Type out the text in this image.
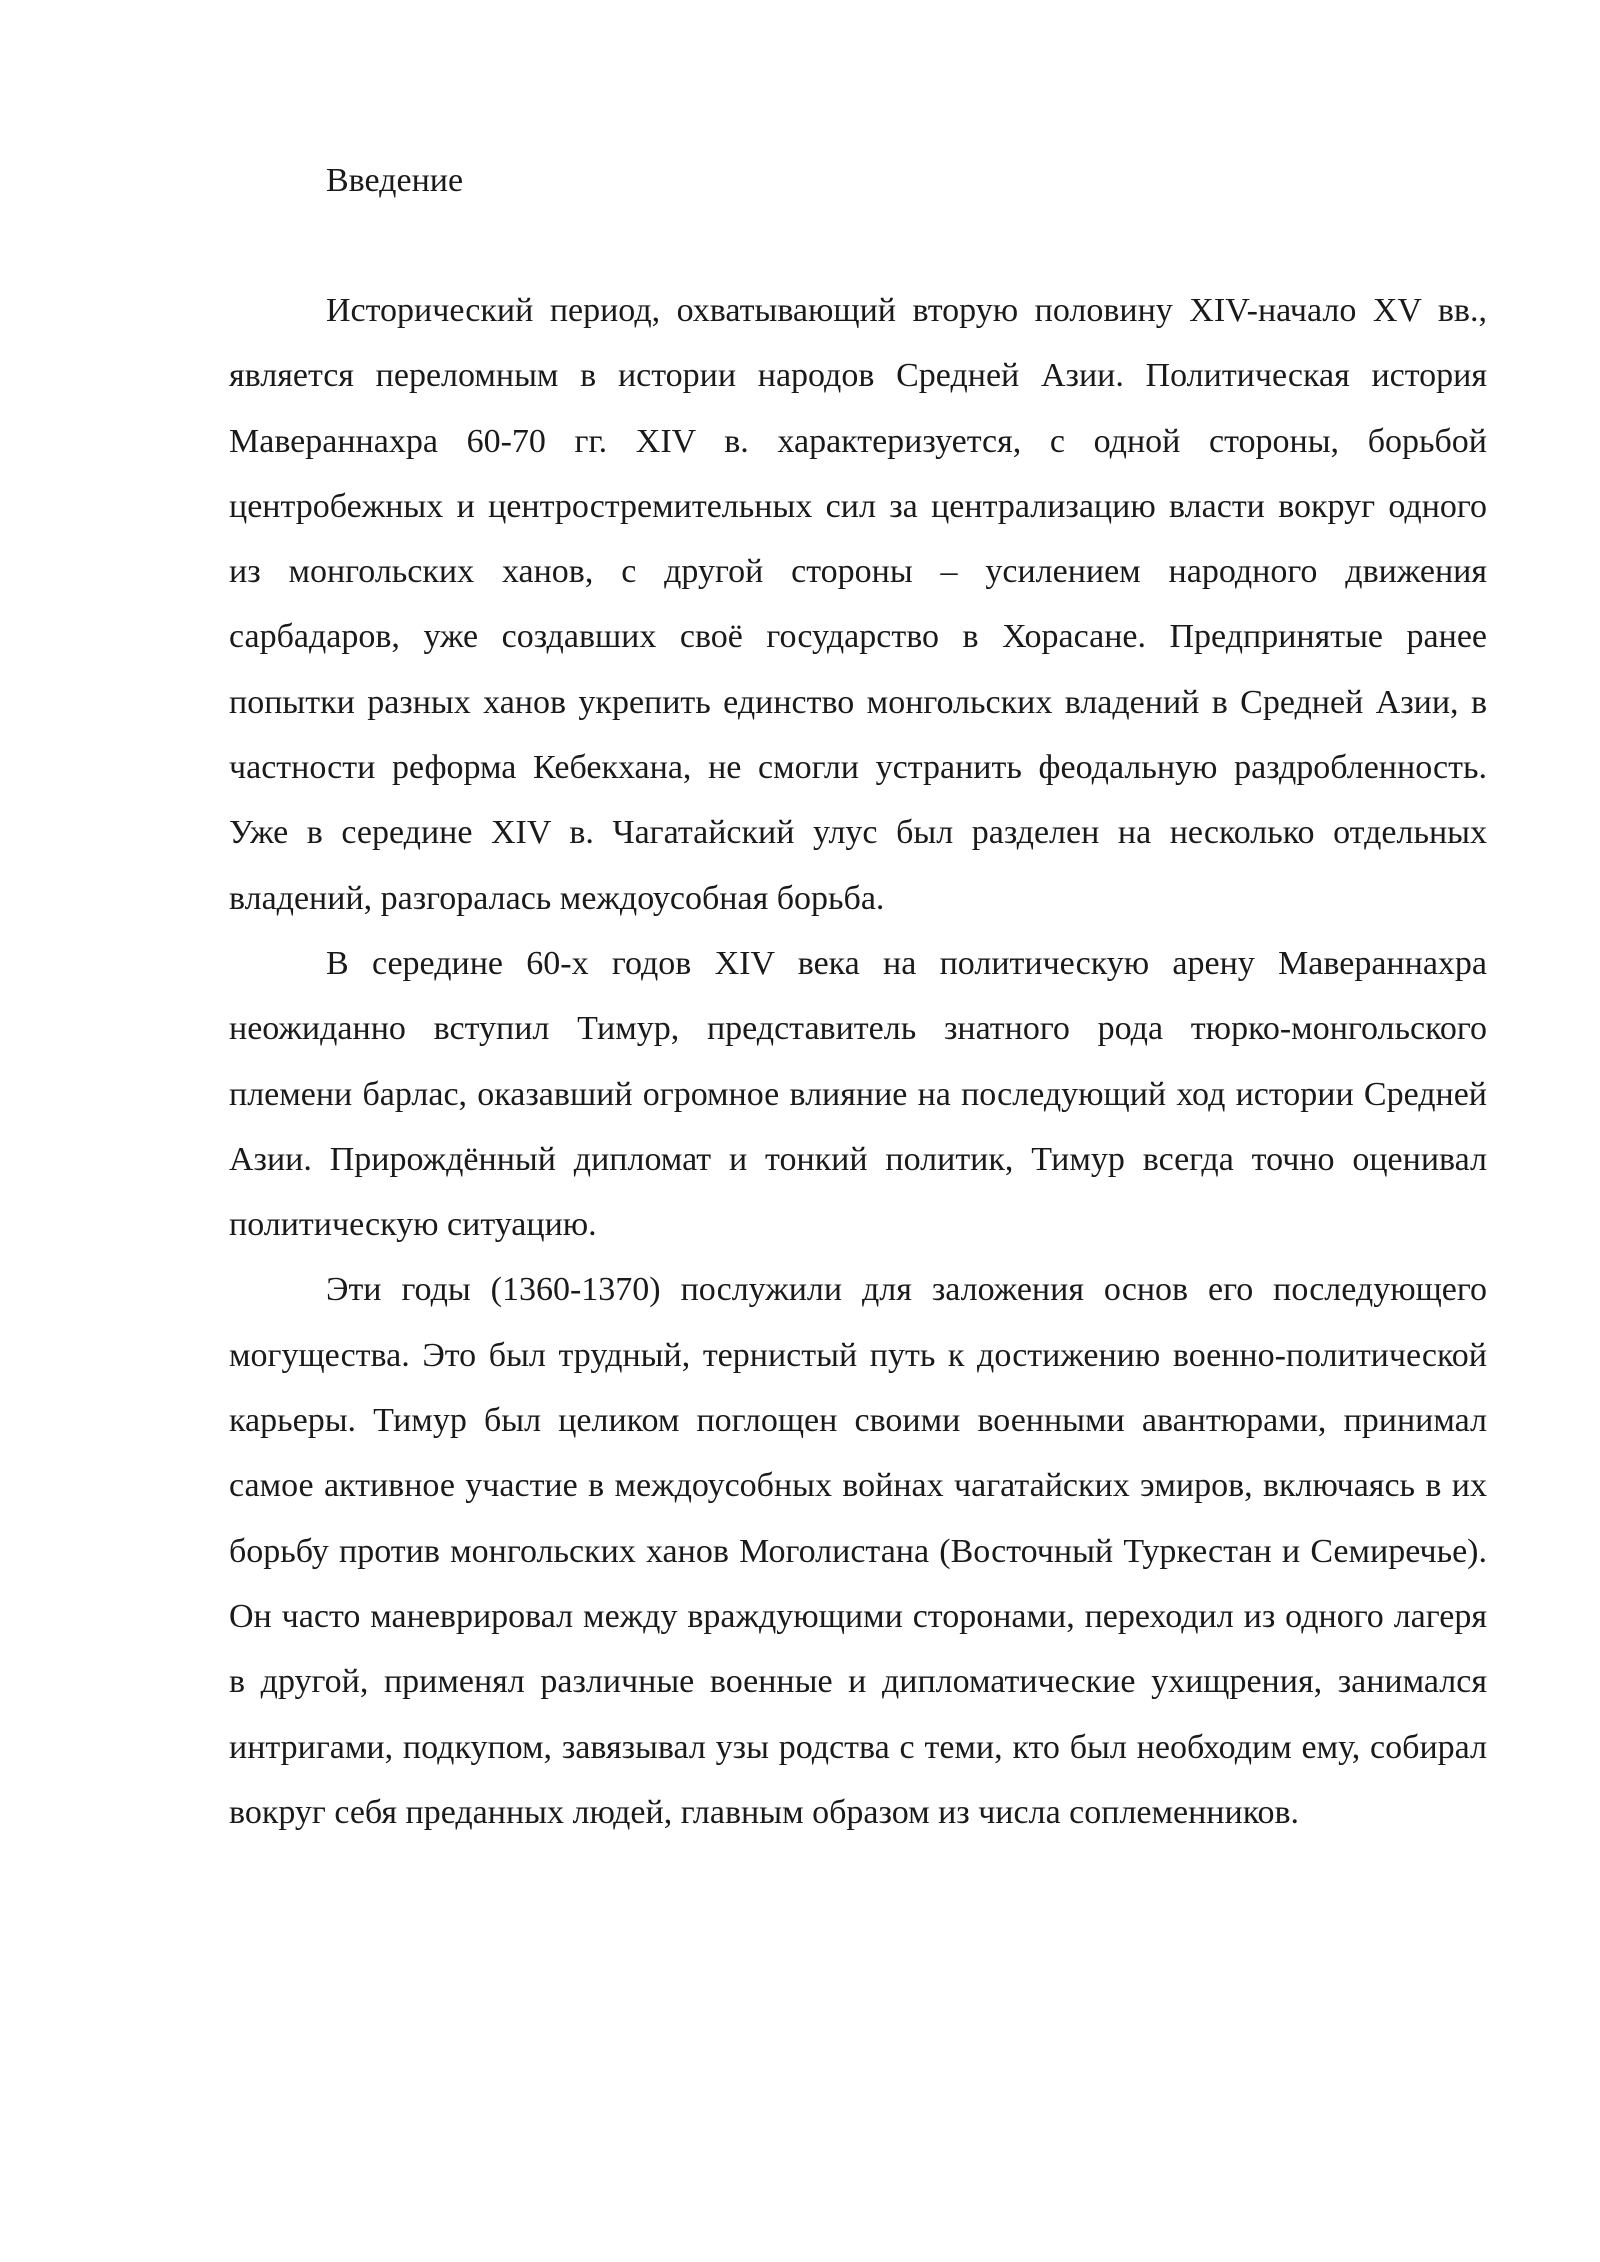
Введение

Исторический период, охватывающий вторую половину XIV-начало XV вв., является переломным в истории народов Средней Азии. Политическая история Мавераннахра 60-70 гг. XIV в. характеризуется, с одной стороны, борьбой центробежных и центростремительных сил за централизацию власти вокруг одного из монгольских ханов, с другой стороны – усилением народного движения сарбадаров, уже создавших своё государство в Хорасане. Предпринятые ранее попытки разных ханов укрепить единство монгольских владений в Средней Азии, в частности реформа Кебекхана, не смогли устранить феодальную раздробленность. Уже в середине XIV в. Чагатайский улус был разделен на несколько отдельных владений, разгоралась междоусобная борьба.

В середине 60-х годов XIV века на политическую арену Мавераннахра неожиданно вступил Тимур, представитель знатного рода тюрко-монгольского племени барлас, оказавший огромное влияние на последующий ход истории Средней Азии. Прирождённый дипломат и тонкий политик, Тимур всегда точно оценивал политическую ситуацию.

Эти годы (1360-1370) послужили для заложения основ его последующего могущества. Это был трудный, тернистый путь к достижению военно-политической карьеры. Тимур был целиком поглощен своими военными авантюрами, принимал самое активное участие в междоусобных войнах чагатайских эмиров, включаясь в их борьбу против монгольских ханов Моголистана (Восточный Туркестан и Семиречье). Он часто маневрировал между враждующими сторонами, переходил из одного лагеря в другой, применял различные военные и дипломатические ухищрения, занимался интригами, подкупом, завязывал узы родства с теми, кто был необходим ему, собирал вокруг себя преданных людей, главным образом из числа соплеменников.
